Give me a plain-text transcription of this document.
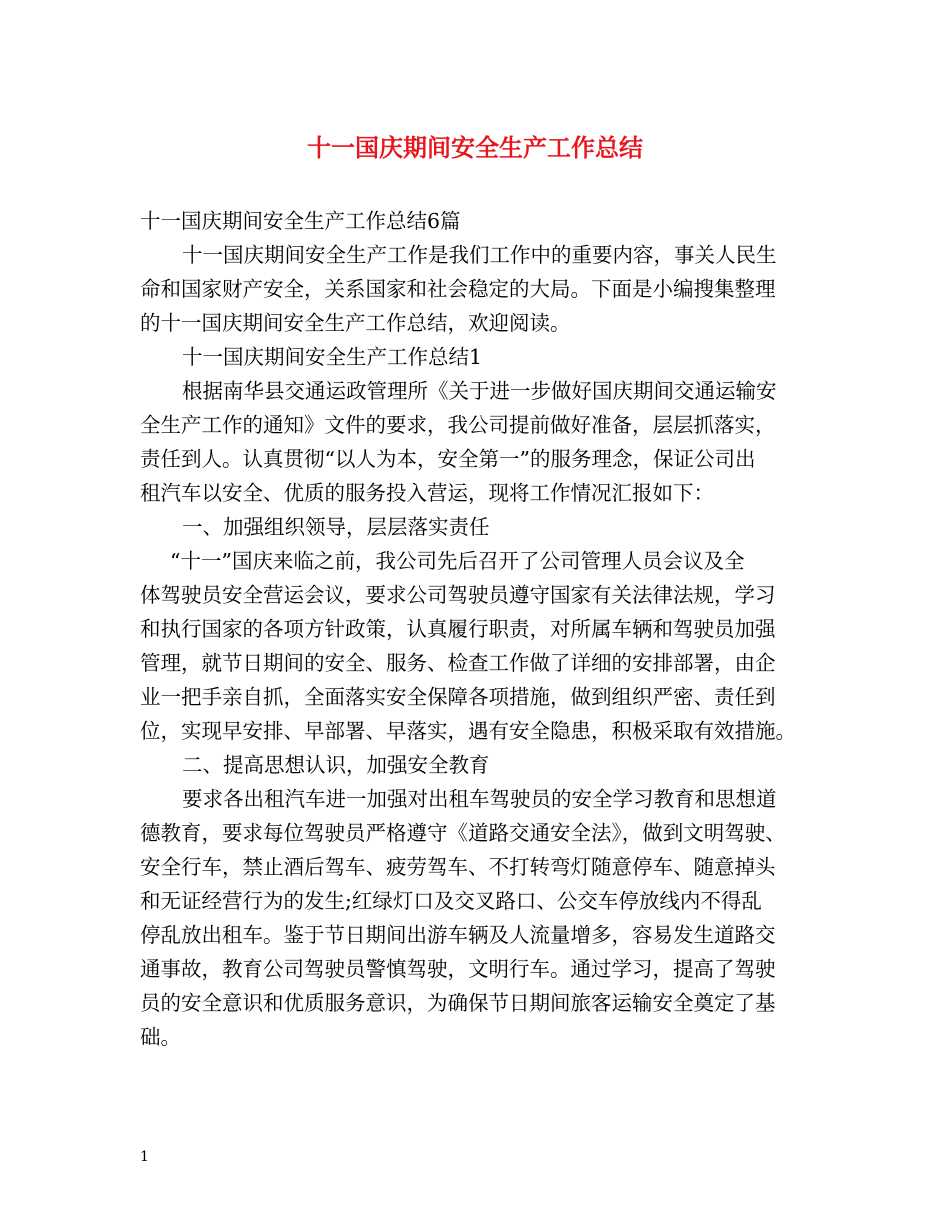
十一国庆期间安全生产工作总结
十一国庆期间安全生产工作总结6篇
十一国庆期间安全生产工作是我们工作中的重要内容，事关人民生
命和国家财产安全，关系国家和社会稳定的大局。下面是小编搜集整理
的十一国庆期间安全生产工作总结，欢迎阅读。
十一国庆期间安全生产工作总结1
根据南华县交通运政管理所《关于进一步做好国庆期间交通运输安
全生产工作的通知》文件的要求，我公司提前做好准备，层层抓落实，
责任到人。认真贯彻“以人为本，安全第一”的服务理念，保证公司出
租汽车以安全、优质的服务投入营运，现将工作情况汇报如下：
一、加强组织领导，层层落实责任
“十一”国庆来临之前，我公司先后召开了公司管理人员会议及全
体驾驶员安全营运会议，要求公司驾驶员遵守国家有关法律法规，学习
和执行国家的各项方针政策，认真履行职责，对所属车辆和驾驶员加强
管理，就节日期间的安全、服务、检查工作做了详细的安排部署，由企
业一把手亲自抓，全面落实安全保障各项措施，做到组织严密、责任到
位，实现早安排、早部署、早落实，遇有安全隐患，积极采取有效措施。
二、提高思想认识，加强安全教育
要求各出租汽车进一加强对出租车驾驶员的安全学习教育和思想道
德教育，要求每位驾驶员严格遵守《道路交通安全法》，做到文明驾驶、
安全行车，禁止酒后驾车、疲劳驾车、不打转弯灯随意停车、随意掉头
和无证经营行为的发生;红绿灯口及交叉路口、公交车停放线内不得乱
停乱放出租车。鉴于节日期间出游车辆及人流量增多，容易发生道路交
通事故，教育公司驾驶员警慎驾驶，文明行车。通过学习，提高了驾驶
员的安全意识和优质服务意识，为确保节日期间旅客运输安全奠定了基
础。
1
